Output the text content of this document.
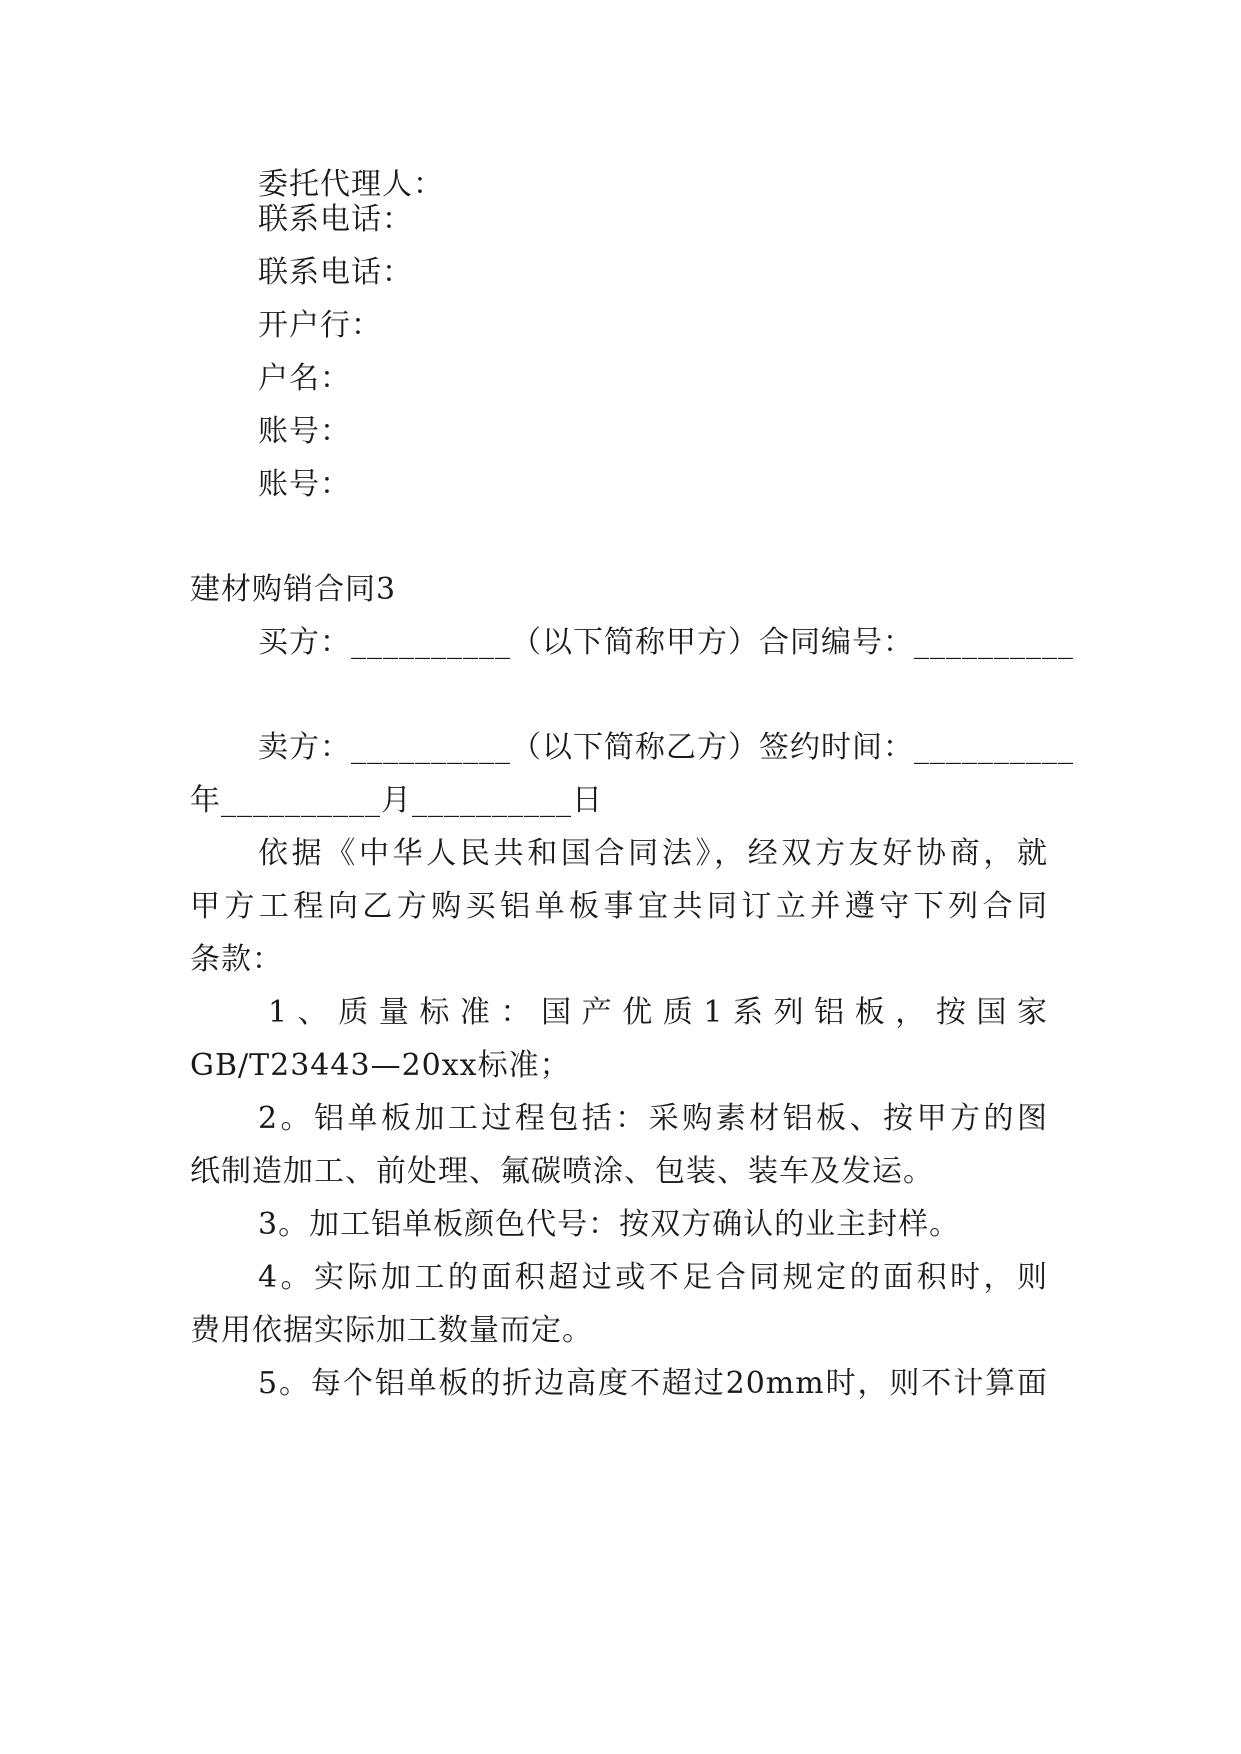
委托代理人：
联系电话：
联系电话：
开户行：
户名：
账号：
账号：
建材购销合同3
买方：__________（以下简称甲方）合同编号：__________
卖方：__________（以下简称乙方）签约时间：__________
年__________月__________日
依据《中华人民共和国合同法》，经双方友好协商，就
甲方工程向乙方购买铝单板事宜共同订立并遵守下列合同
条款：
1、质量标准：国产优质1系列铝板，按国家
GB/T23443—20xx标准；
2。铝单板加工过程包括：采购素材铝板、按甲方的图
纸制造加工、前处理、氟碳喷涂、包装、装车及发运。
3。加工铝单板颜色代号：按双方确认的业主封样。
4。实际加工的面积超过或不足合同规定的面积时，则
费用依据实际加工数量而定。
5。每个铝单板的折边高度不超过20mm时，则不计算面
